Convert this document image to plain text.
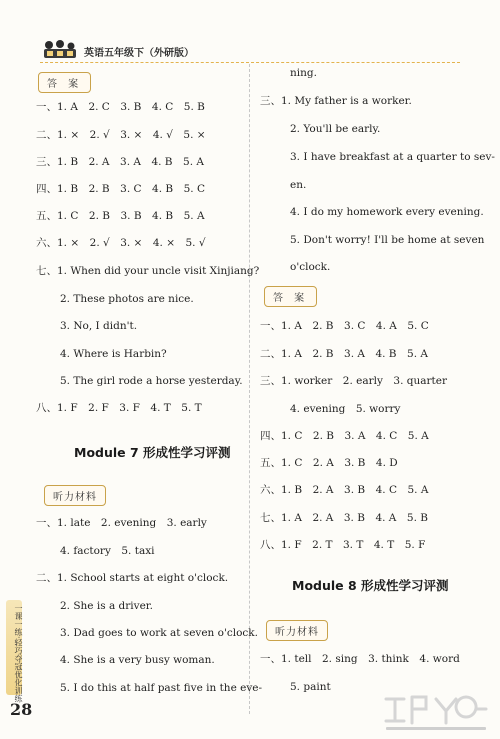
英语五年级下（外研版）
答 案
一、1. A　2. C　3. B　4. C　5. B
二、1. ×　2. √　3. ×　4. √　5. ×
三、1. B　2. A　3. A　4. B　5. A
四、1. B　2. B　3. C　4. B　5. C
五、1. C　2. B　3. B　4. B　5. A
六、1. ×　2. √　3. ×　4. ×　5. √
七、1. When did your uncle visit Xinjiang?
2. These photos are nice.
3. No, I didn't.
4. Where is Harbin?
5. The girl rode a horse yesterday.
八、1. F　2. F　3. F　4. T　5. T
Module 7 形成性学习评测
听力材料
一、1. late　2. evening　3. early
4. factory　5. taxi
二、1. School starts at eight o'clock.
2. She is a driver.
3. Dad goes to work at seven o'clock.
4. She is a very busy woman.
5. I do this at half past five in the eve-
ning.
三、1. My father is a worker.
2. You'll be early.
3. I have breakfast at a quarter to sev-
en.
4. I do my homework every evening.
5. Don't worry! I'll be home at seven
o'clock.
答 案
一、1. A　2. B　3. C　4. A　5. C
二、1. A　2. B　3. A　4. B　5. A
三、1. worker　2. early　3. quarter
4. evening　5. worry
四、1. C　2. B　3. A　4. C　5. A
五、1. C　2. A　3. B　4. D
六、1. B　2. A　3. B　4. C　5. A
七、1. A　2. A　3. B　4. A　5. B
八、1. F　2. T　3. T　4. T　5. F
Module 8 形成性学习评测
听力材料
一、1. tell　2. sing　3. think　4. word
5. paint
一课一练·轻巧夺冠优化训练
28
